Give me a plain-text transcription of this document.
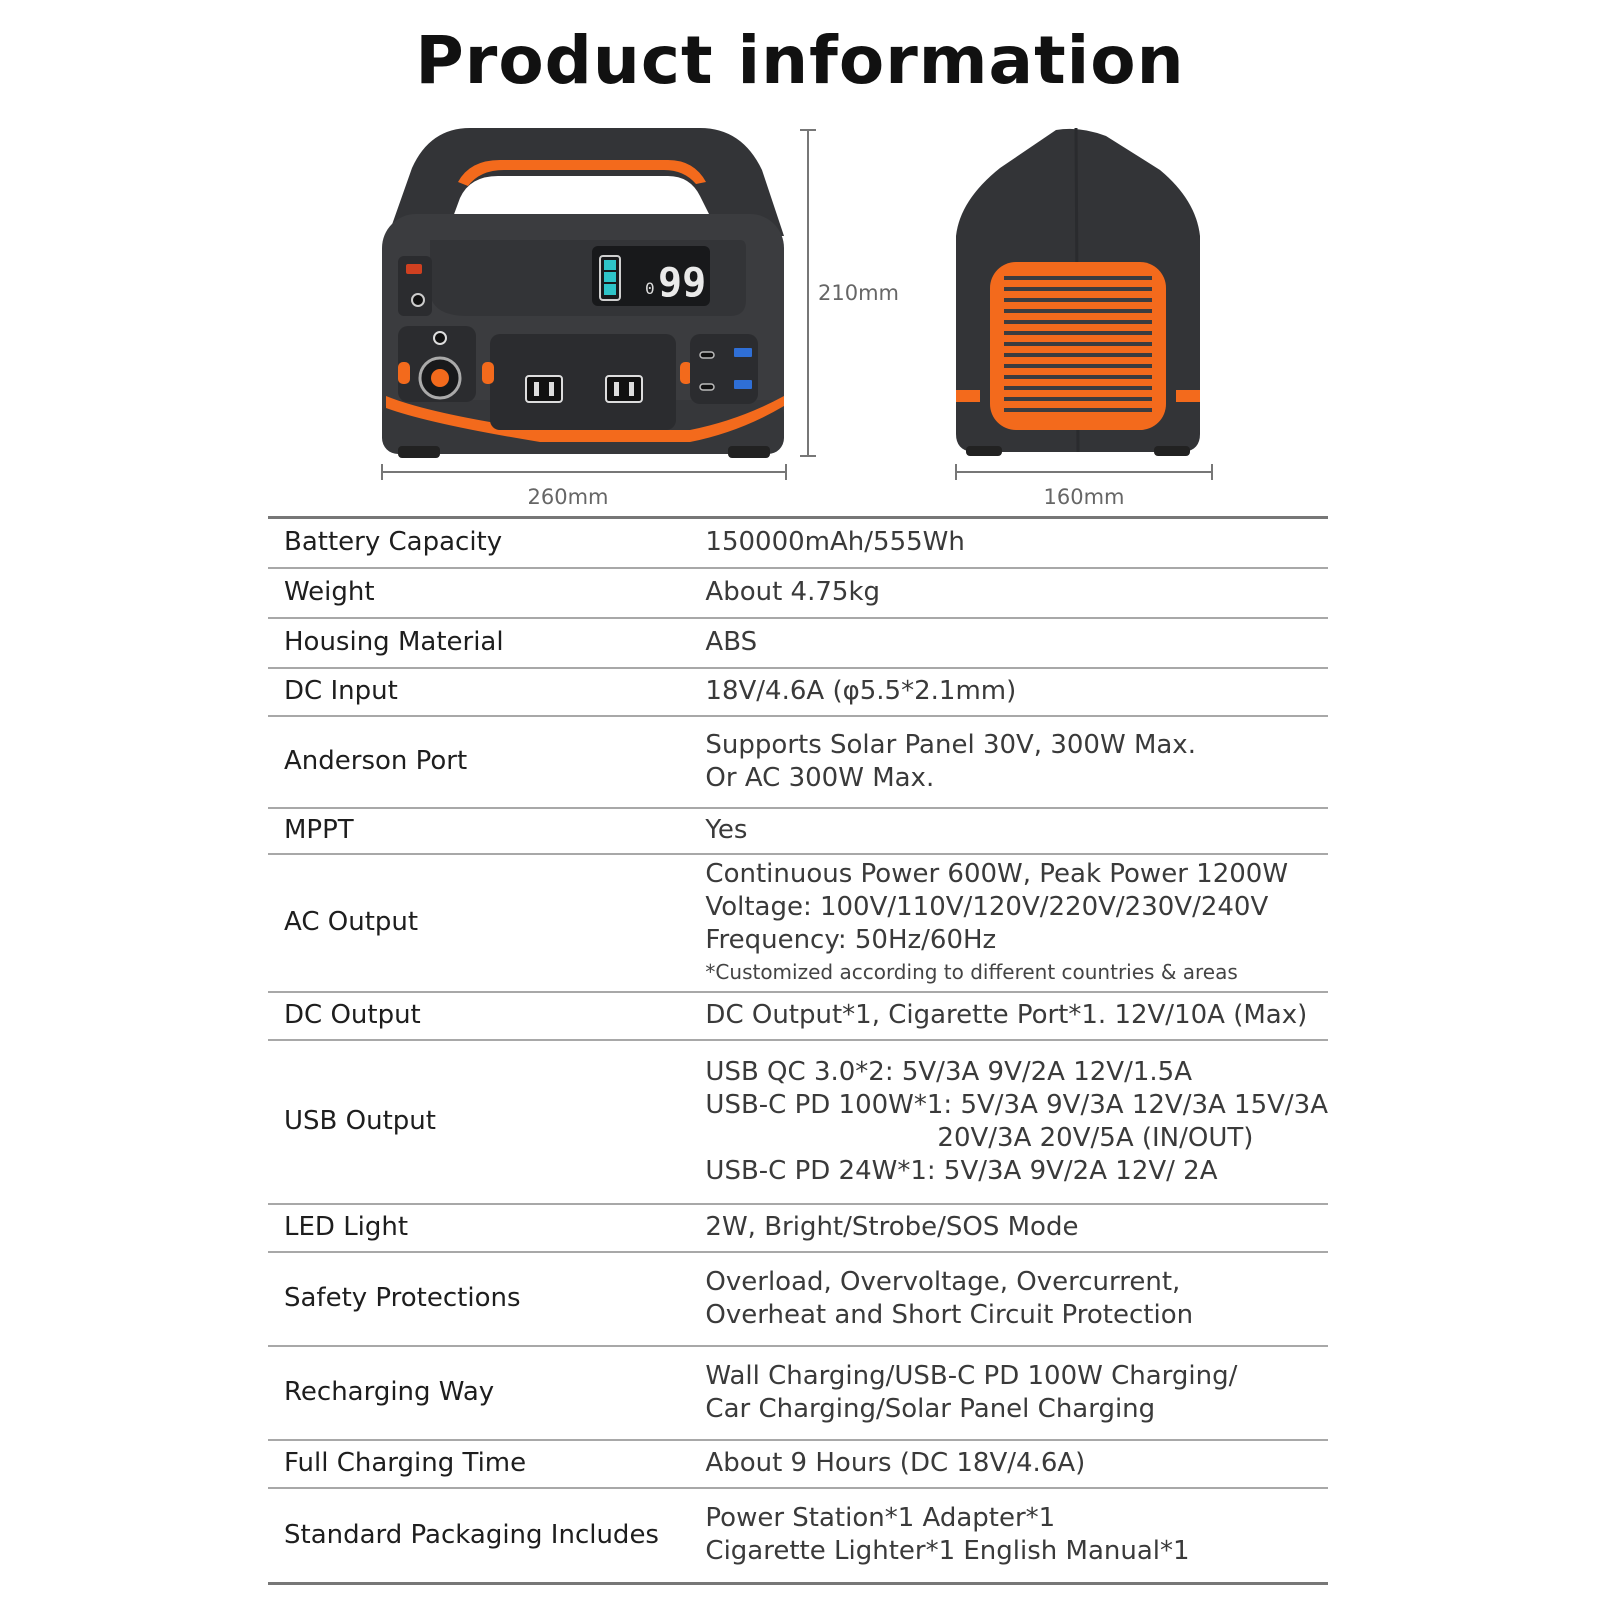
Product information
0 99
260mm
210mm
160mm
Battery Capacity	150000mAh/555Wh

Weight	About 4.75kg

Housing Material	ABS

DC Input	18V/4.6A (φ5.5*2.1mm)

Anderson Port	Supports Solar Panel 30V, 300W Max.
Or AC 300W Max.

MPPT	Yes

AC Output	Continuous Power 600W, Peak Power 1200W
Voltage: 100V/110V/120V/220V/230V/240V
Frequency: 50Hz/60Hz
*Customized according to different countries & areas

DC Output	DC Output*1, Cigarette Port*1. 12V/10A (Max)

USB Output	USB QC 3.0*2: 5V/3A 9V/2A 12V/1.5A
USB-C PD 100W*1: 5V/3A 9V/3A 12V/3A 15V/3A
20V/3A 20V/5A (IN/OUT)
USB-C PD 24W*1: 5V/3A 9V/2A 12V/ 2A

LED Light	2W, Bright/Strobe/SOS Mode

Safety Protections	Overload, Overvoltage, Overcurrent,
Overheat and Short Circuit Protection

Recharging Way	Wall Charging/USB-C PD 100W Charging/
Car Charging/Solar Panel Charging

Full Charging Time	About 9 Hours (DC 18V/4.6A)

Standard Packaging Includes	Power Station*1 Adapter*1
Cigarette Lighter*1 English Manual*1
